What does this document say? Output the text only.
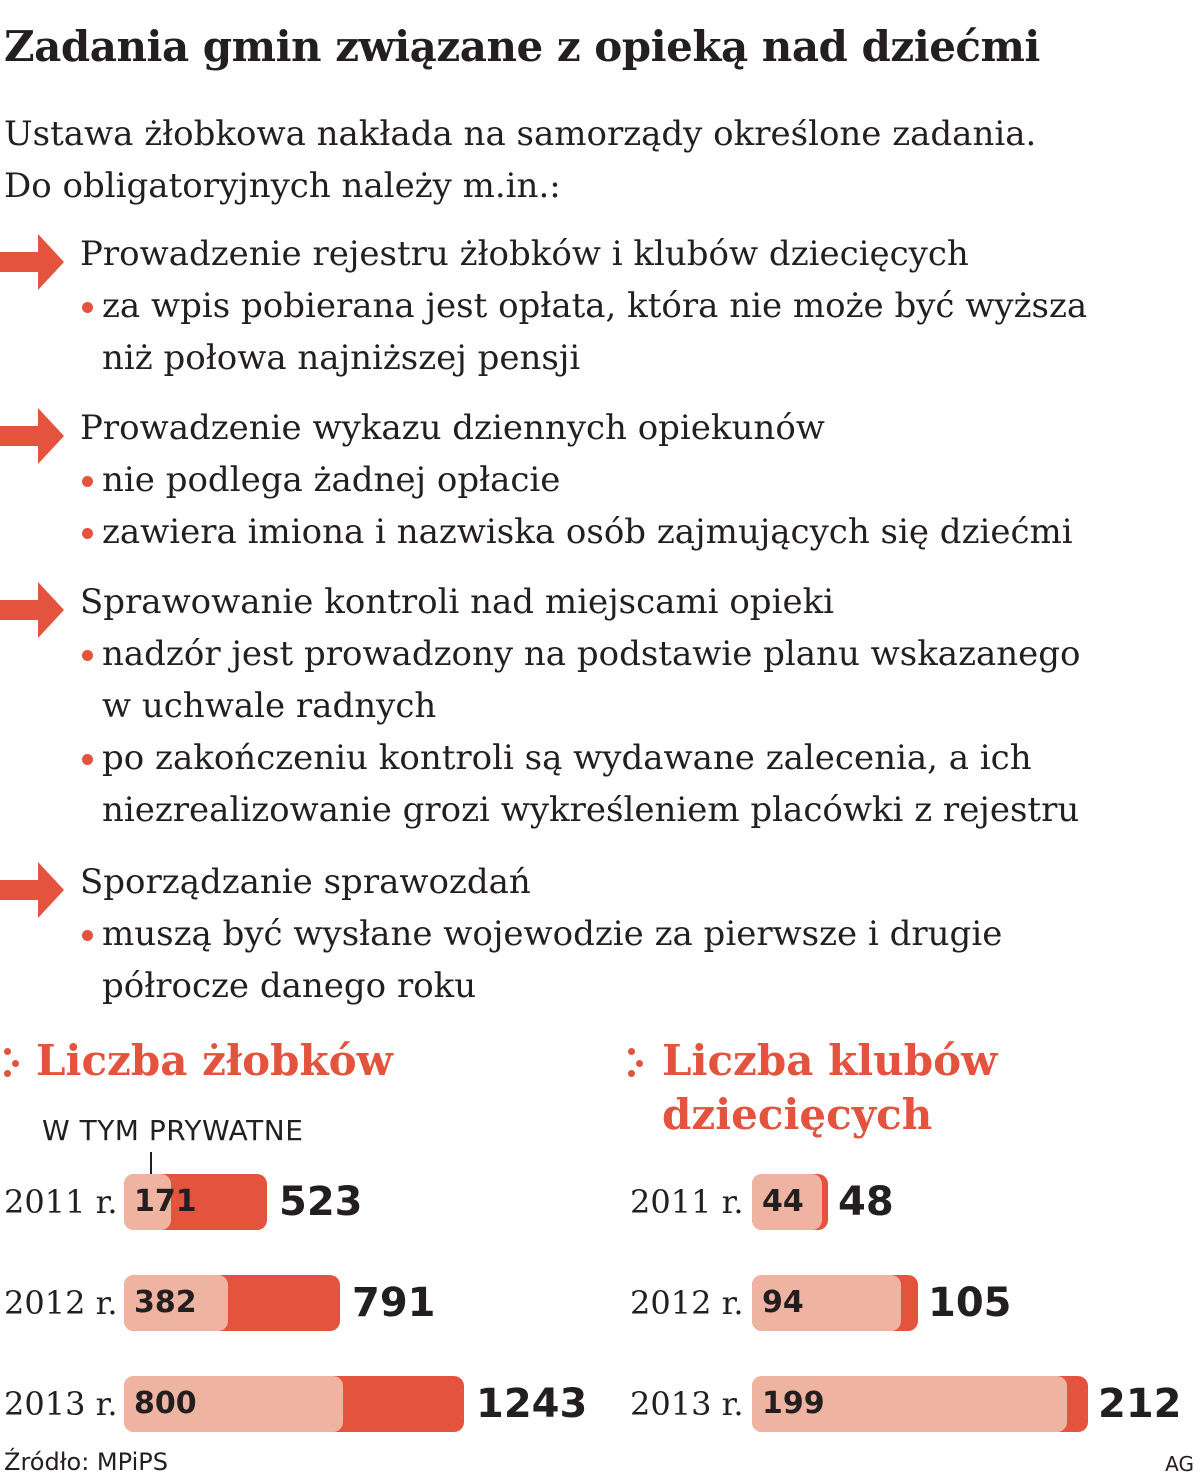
Zadania gmin związane z opieką nad dziećmi
Ustawa żłobkowa nakłada na samorządy określone zadania.
Do obligatoryjnych należy m.in.:
Prowadzenie rejestru żłobków i klubów dziecięcych
za wpis pobierana jest opłata, która nie może być wyższa
niż połowa najniższej pensji
Prowadzenie wykazu dziennych opiekunów
nie podlega żadnej opłacie
zawiera imiona i nazwiska osób zajmujących się dziećmi
Sprawowanie kontroli nad miejscami opieki
nadzór jest prowadzony na podstawie planu wskazanego
w uchwale radnych
po zakończeniu kontroli są wydawane zalecenia, a ich
niezrealizowanie grozi wykreśleniem placówki z rejestru
Sporządzanie sprawozdań
muszą być wysłane wojewodzie za pierwsze i drugie
półrocze danego roku
Liczba żłobków
W TYM PRYWATNE
2011 r. 171 523
2012 r. 382	791
2013 r. 800	1243
Liczba klubów
dziecięcych
2011 r. 44 48
2012 r. 94	105
2013 r. 199	212
Źródło: MPiPS	AG
